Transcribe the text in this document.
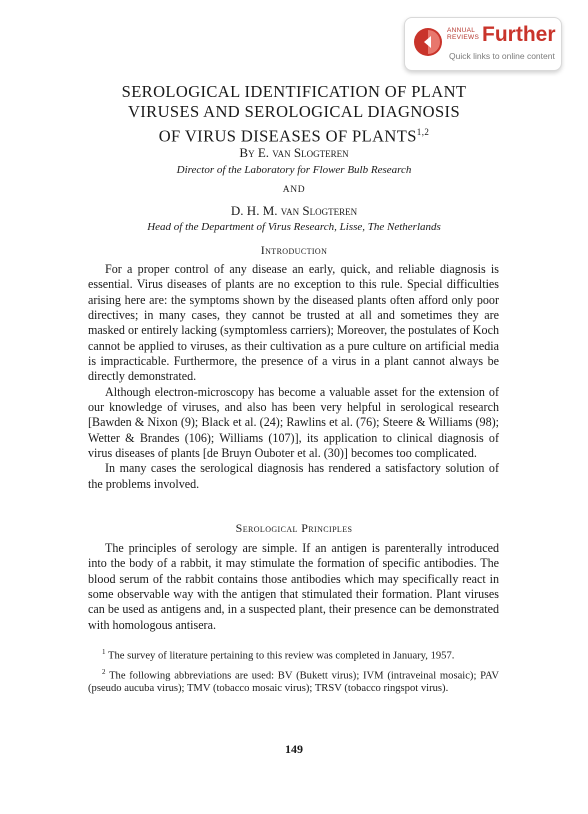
ANNUAL
REVIEWS Further
Quick links to online content
SEROLOGICAL IDENTIFICATION OF PLANT
VIRUSES AND SEROLOGICAL DIAGNOSIS
OF VIRUS DISEASES OF PLANTS$^{1,2}$
By E. van Slogteren
Director of the Laboratory for Flower Bulb Research
AND
D. H. M. van Slogteren
Head of the Department of Virus Research, Lisse, The Netherlands
Introduction

For a proper control of any disease an early, quick, and reliable diagnosis is essential. Virus diseases of plants are no exception to this rule. Special difficulties arising here are: the symptoms shown by the diseased plants often afford only poor directives; in many cases, they cannot be trusted at all and sometimes they are masked or entirely lacking (symptomless carriers); Moreover, the postulates of Koch cannot be applied to viruses, as their cultivation as a pure culture on artificial media is impracticable. Furthermore, the presence of a virus in a plant cannot always be directly demonstrated.

Although electron-microscopy has become a valuable asset for the extension of our knowledge of viruses, and also has been very helpful in serological research [Bawden & Nixon (9); Black et al. (24); Rawlins et al. (76); Steere & Williams (98); Wetter & Brandes (106); Williams (107)], its application to clinical diagnosis of virus diseases of plants [de Bruyn Ouboter et al. (30)] becomes too complicated.

In many cases the serological diagnosis has rendered a satisfactory solution of the problems involved.

Serological Principles

The principles of serology are simple. If an antigen is parenterally introduced into the body of a rabbit, it may stimulate the formation of specific antibodies. The blood serum of the rabbit contains those antibodies which may specifically react in some observable way with the antigen that stimulated their formation. Plant viruses can be used as antigens and, in a suspected plant, their presence can be demonstrated with homologous antisera.

$^1$ The survey of literature pertaining to this review was completed in January, 1957.

$^2$ The following abbreviations are used: BV (Bukett virus); IVM (intraveinal mosaic); PAV (pseudo aucuba virus); TMV (tobacco mosaic virus); TRSV (tobacco ringspot virus).

149
